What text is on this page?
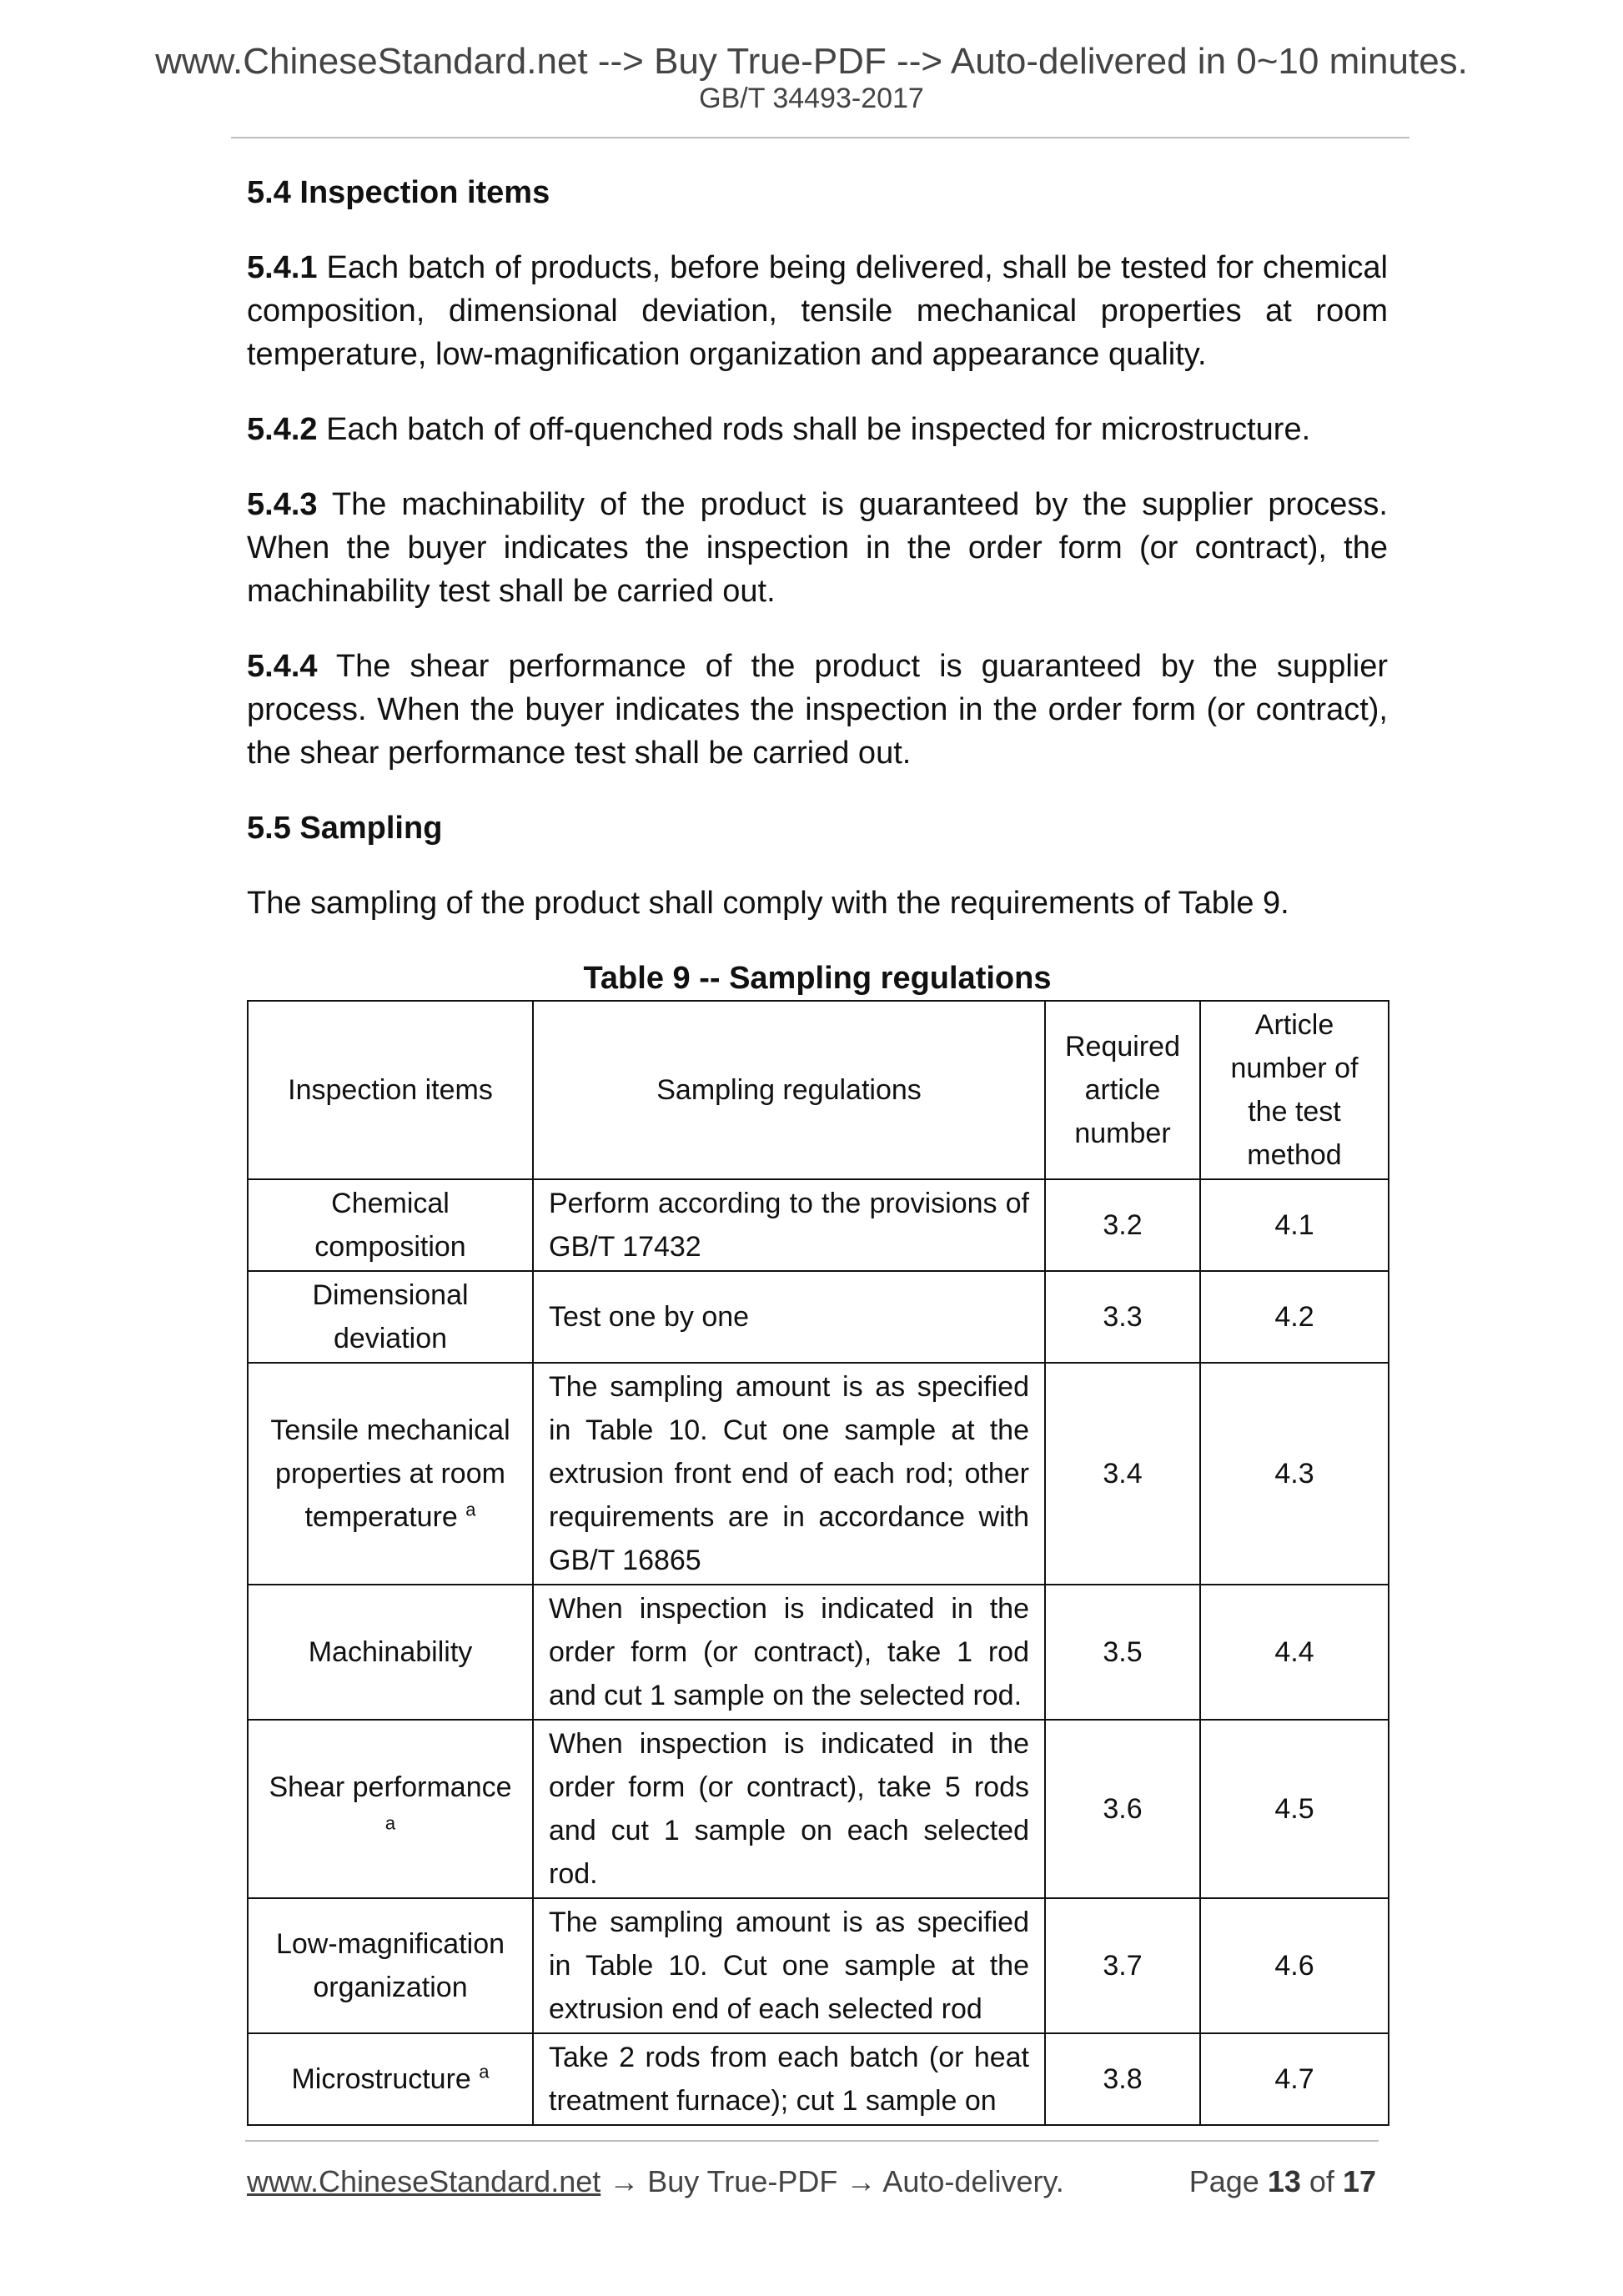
www.ChineseStandard.net --> Buy True-PDF --> Auto-delivered in 0~10 minutes.
GB/T 34493-2017
5.4 Inspection items

5.4.1 Each batch of products, before being delivered, shall be tested for chemical composition, dimensional deviation, tensile mechanical properties at room temperature, low-magnification organization and appearance quality.

5.4.2 Each batch of off-quenched rods shall be inspected for microstructure.

5.4.3 The machinability of the product is guaranteed by the supplier process. When the buyer indicates the inspection in the order form (or contract), the machinability test shall be carried out.

5.4.4 The shear performance of the product is guaranteed by the supplier process. When the buyer indicates the inspection in the order form (or contract), the shear performance test shall be carried out.

5.5 Sampling

The sampling of the product shall comply with the requirements of Table 9.

Table 9 -- Sampling regulations
Inspection items	Sampling regulations	Required article number	Article number of the test method
Chemical composition	Perform according to the provisions of GB/T 17432	3.2	4.1
Dimensional deviation	Test one by one	3.3	4.2
Tensile mechanical properties at room temperature $^a$	The sampling amount is as specified in Table 10. Cut one sample at the extrusion front end of each rod; other requirements are in accordance with GB/T 16865	3.4	4.3
Machinability	When inspection is indicated in the order form (or contract), take 1 rod and cut 1 sample on the selected rod.	3.5	4.4
Shear performance $^a$	When inspection is indicated in the order form (or contract), take 5 rods and cut 1 sample on each selected rod.	3.6	4.5
Low-magnification organization	The sampling amount is as specified in Table 10. Cut one sample at the extrusion end of each selected rod	3.7	4.6
Microstructure $^a$	Take 2 rods from each batch (or heat treatment furnace); cut 1 sample on	3.8	4.7
www.ChineseStandard.net → Buy True-PDF → Auto-delivery.	Page 13 of 17
